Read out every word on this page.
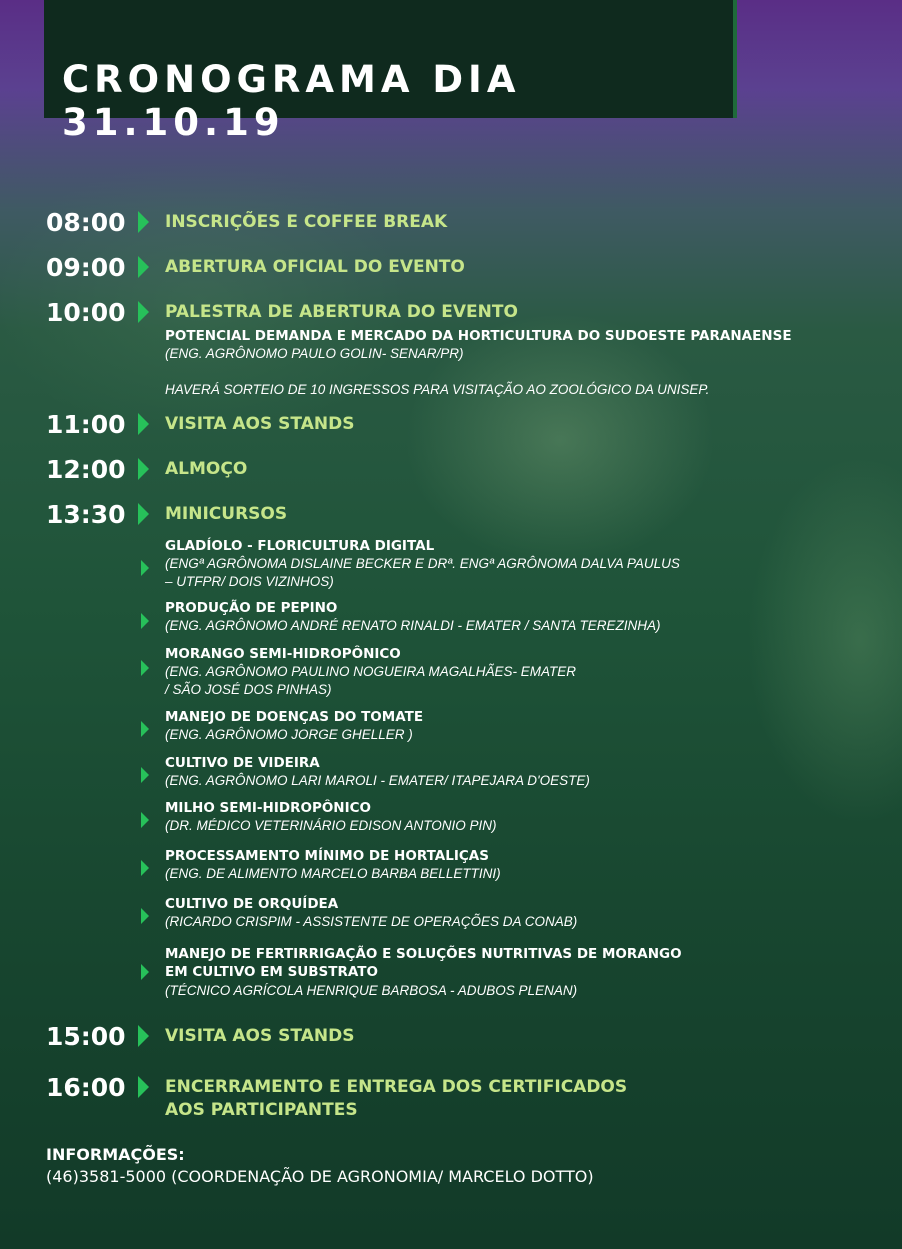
CRONOGRAMA DIA 31.10.19
08:00 INSCRIÇÕES E COFFEE BREAK
09:00 ABERTURA OFICIAL DO EVENTO
10:00 PALESTRA DE ABERTURA DO EVENTO
POTENCIAL DEMANDA E MERCADO DA HORTICULTURA DO SUDOESTE PARANAENSE
(ENG. AGRÔNOMO PAULO GOLIN- SENAR/PR)
HAVERÁ SORTEIO DE 10 INGRESSOS PARA VISITAÇÃO AO ZOOLÓGICO DA UNISEP.
11:00 VISITA AOS STANDS
12:00 ALMOÇO
13:30 MINICURSOS
GLADÍOLO - FLORICULTURA DIGITAL
(ENGª AGRÔNOMA DISLAINE BECKER E DRª. ENGª AGRÔNOMA DALVA PAULUS
– UTFPR/ DOIS VIZINHOS)
PRODUÇÃO DE PEPINO
(ENG. AGRÔNOMO ANDRÉ RENATO RINALDI - EMATER / SANTA TEREZINHA)
MORANGO SEMI-HIDROPÔNICO
(ENG. AGRÔNOMO PAULINO NOGUEIRA MAGALHÃES- EMATER
/ SÃO JOSÉ DOS PINHAS)
MANEJO DE DOENÇAS DO TOMATE
(ENG. AGRÔNOMO JORGE GHELLER )
CULTIVO DE VIDEIRA
(ENG. AGRÔNOMO LARI MAROLI - EMATER/ ITAPEJARA D'OESTE)
MILHO SEMI-HIDROPÔNICO
(DR. MÉDICO VETERINÁRIO EDISON ANTONIO PIN)
PROCESSAMENTO MÍNIMO DE HORTALIÇAS
(ENG. DE ALIMENTO MARCELO BARBA BELLETTINI)
CULTIVO DE ORQUÍDEA
(RICARDO CRISPIM - ASSISTENTE DE OPERAÇÕES DA CONAB)
MANEJO DE FERTIRRIGAÇÃO E SOLUÇÕES NUTRITIVAS DE MORANGO
EM CULTIVO EM SUBSTRATO
(TÉCNICO AGRÍCOLA HENRIQUE BARBOSA - ADUBOS PLENAN)
15:00 VISITA AOS STANDS
16:00 ENCERRAMENTO E ENTREGA DOS CERTIFICADOS
AOS PARTICIPANTES
INFORMAÇÕES:
(46)3581-5000 (COORDENAÇÃO DE AGRONOMIA/ MARCELO DOTTO)
